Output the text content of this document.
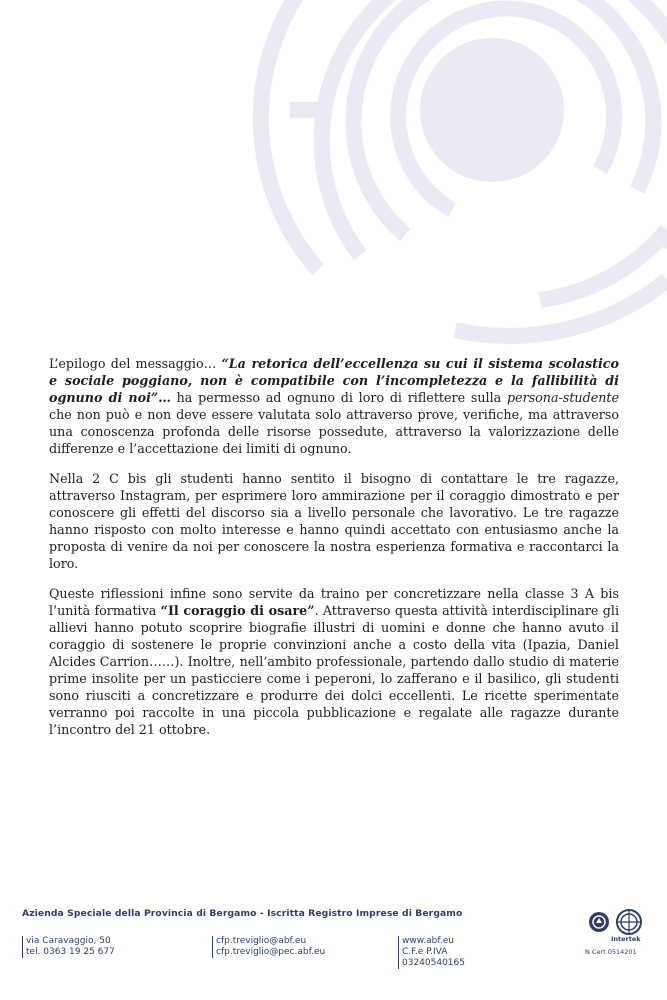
L’epilogo del messaggio… “La retorica dell’eccellenza su cui il sistema scolastico e sociale poggiano, non è compatibile con l’incompletezza e la fallibilità di ognuno di noi”… ha permesso ad ognuno di loro di riflettere sulla persona-studente che non può e non deve essere valutata solo attraverso prove, verifiche, ma attraverso una conoscenza profonda delle risorse possedute, attraverso la valorizzazione delle differenze e l’accettazione dei limiti di ognuno.

Nella 2 C bis gli studenti hanno sentito il bisogno di contattare le tre ragazze, attraverso Instagram, per esprimere loro ammirazione per il coraggio dimostrato e per conoscere gli effetti del discorso sia a livello personale che lavorativo. Le tre ragazze hanno risposto con molto interesse e hanno quindi accettato con entusiasmo anche la proposta di venire da noi per conoscere la nostra esperienza formativa e raccontarci la loro.

Queste riflessioni infine sono servite da traino per concretizzare nella classe 3 A bis l’unità formativa “Il coraggio di osare”. Attraverso questa attività interdisciplinare gli allievi hanno potuto scoprire biografie illustri di uomini e donne che hanno avuto il coraggio di sostenere le proprie convinzioni anche a costo della vita (Ipazia, Daniel Alcides Carrion……). Inoltre, nell’ambito professionale, partendo dallo studio di materie prime insolite per un pasticciere come i peperoni, lo zafferano e il basilico, gli studenti sono riusciti a concretizzare e produrre dei dolci eccellenti. Le ricette sperimentate verranno poi raccolte in una piccola pubblicazione e regalate alle ragazze durante l’incontro del 21 ottobre.

Azienda Speciale della Provincia di Bergamo - Iscritta Registro Imprese di Bergamo
via Caravaggio, 50
tel. 0363 19 25 677
cfp.treviglio@abf.eu
cfp.treviglio@pec.abf.eu
www.abf.eu
C.F.e P.IVA 03240540165
Intertek
N Cert 0514201
